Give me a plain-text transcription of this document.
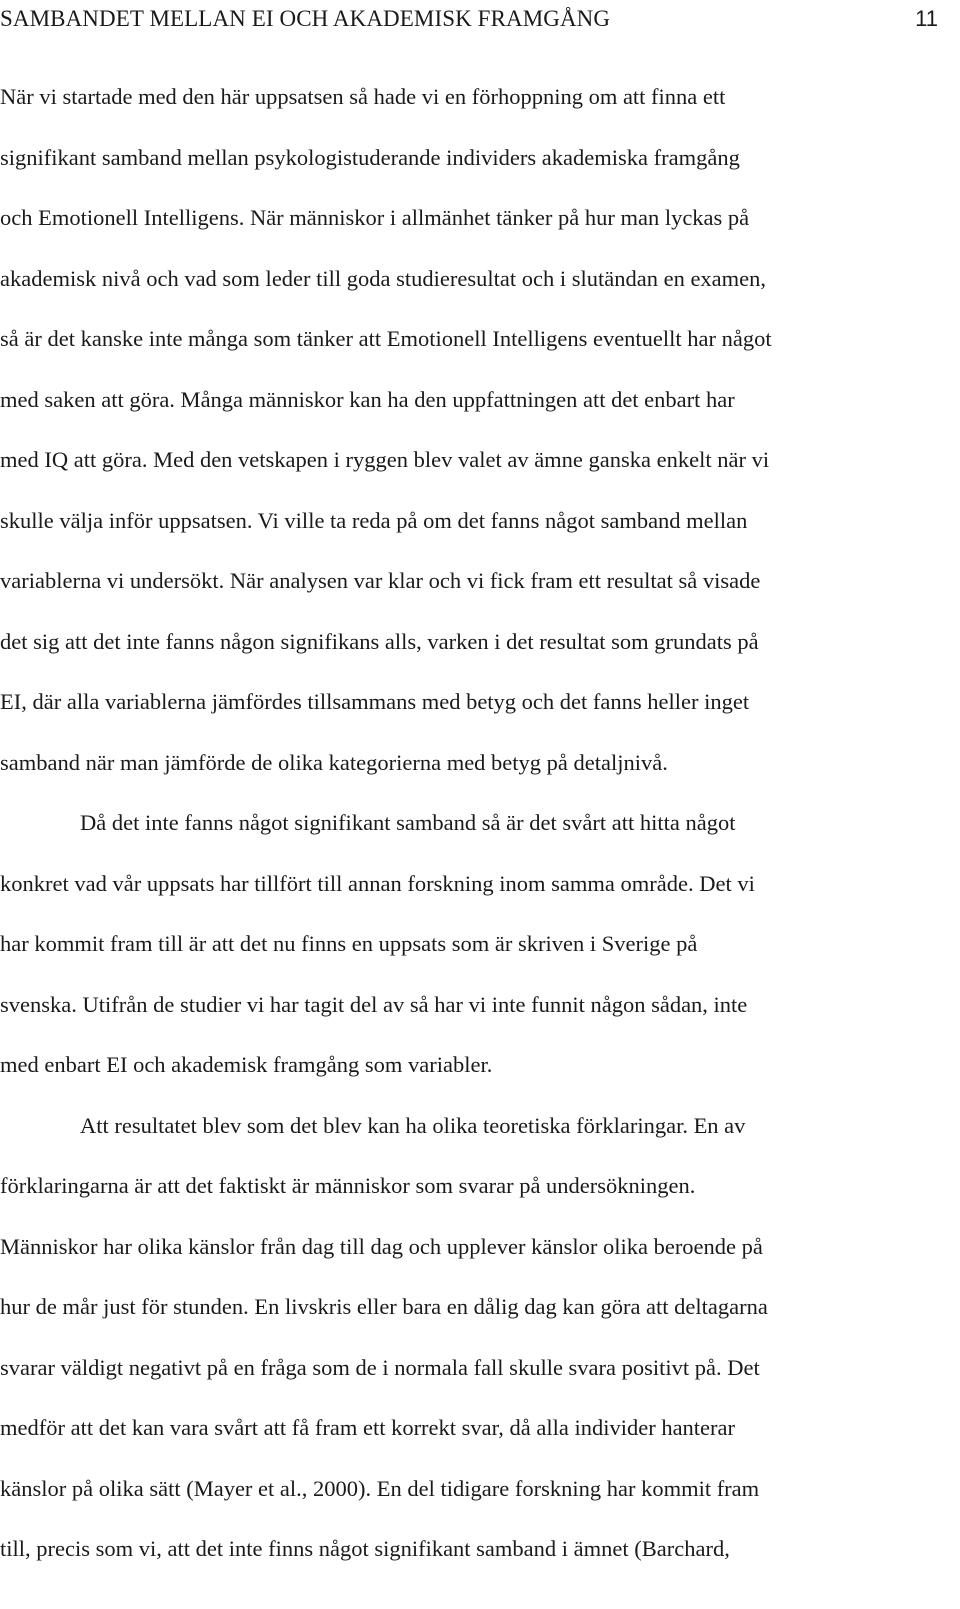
SAMBANDET MELLAN EI OCH AKADEMISK FRAMGÅNG	11
När vi startade med den här uppsatsen så hade vi en förhoppning om att finna ett
signifikant samband mellan psykologistuderande individers akademiska framgång
och Emotionell Intelligens. När människor i allmänhet tänker på hur man lyckas på
akademisk nivå och vad som leder till goda studieresultat och i slutändan en examen,
så är det kanske inte många som tänker att Emotionell Intelligens eventuellt har något
med saken att göra. Många människor kan ha den uppfattningen att det enbart har
med IQ att göra. Med den vetskapen i ryggen blev valet av ämne ganska enkelt när vi
skulle välja inför uppsatsen. Vi ville ta reda på om det fanns något samband mellan
variablerna vi undersökt. När analysen var klar och vi fick fram ett resultat så visade
det sig att det inte fanns någon signifikans alls, varken i det resultat som grundats på
EI, där alla variablerna jämfördes tillsammans med betyg och det fanns heller inget
samband när man jämförde de olika kategorierna med betyg på detaljnivå.
Då det inte fanns något signifikant samband så är det svårt att hitta något
konkret vad vår uppsats har tillfört till annan forskning inom samma område. Det vi
har kommit fram till är att det nu finns en uppsats som är skriven i Sverige på
svenska. Utifrån de studier vi har tagit del av så har vi inte funnit någon sådan, inte
med enbart EI och akademisk framgång som variabler.
Att resultatet blev som det blev kan ha olika teoretiska förklaringar. En av
förklaringarna är att det faktiskt är människor som svarar på undersökningen.
Människor har olika känslor från dag till dag och upplever känslor olika beroende på
hur de mår just för stunden. En livskris eller bara en dålig dag kan göra att deltagarna
svarar väldigt negativt på en fråga som de i normala fall skulle svara positivt på. Det
medför att det kan vara svårt att få fram ett korrekt svar, då alla individer hanterar
känslor på olika sätt (Mayer et al., 2000). En del tidigare forskning har kommit fram
till, precis som vi, att det inte finns något signifikant samband i ämnet (Barchard,
